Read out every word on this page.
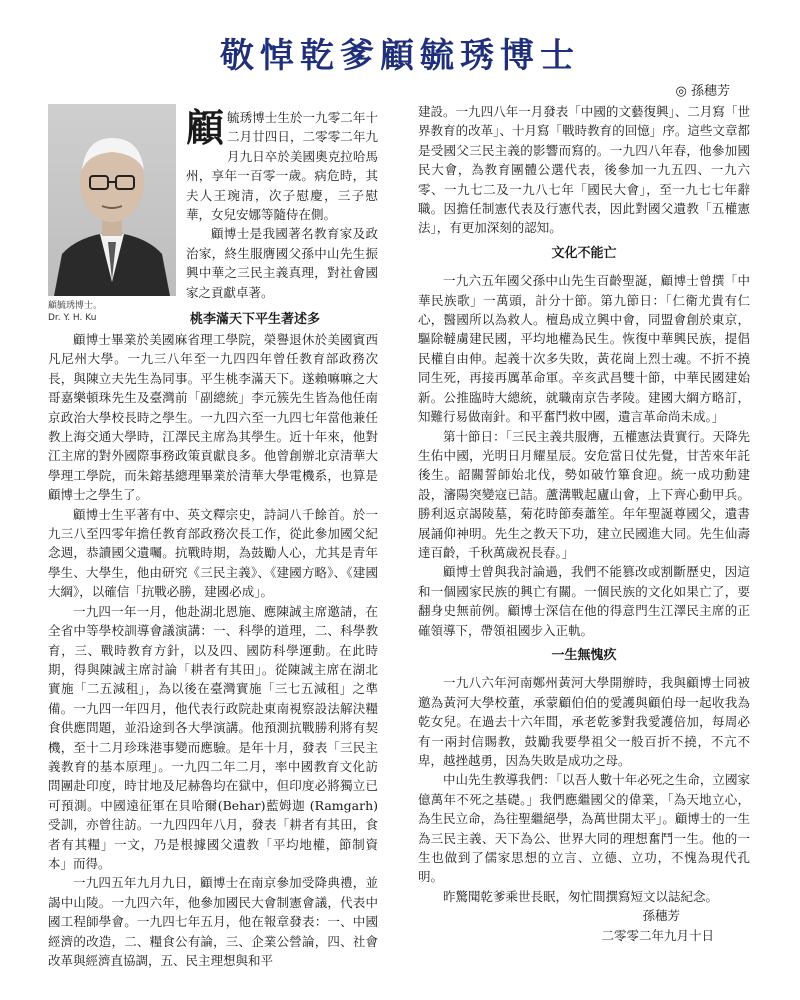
敬悼乾爹顧毓琇博士
◎ 孫穗芳
顧毓琇博士。
Dr. Y. H. Ku
顧 毓琇博士生於一九零二年十二月廿四日，二零零二年九月九日卒於美國奧克拉哈馬州，享年一百零一歲。病危時，其夫人王琬清，次子慰慶，三子慰華，女兒安娜等隨侍在側。

顧博士是我國著名教育家及政治家，終生服膺國父孫中山先生振興中華之三民主義真理，對社會國家之貢獻卓著。

桃李滿天下平生著述多

顧博士畢業於美國麻省理工學院，榮譽退休於美國賓西凡尼州大學。一九三八年至一九四四年曾任教育部政務次長，與陳立夫先生為同事。平生桃李滿天下。遂賴嘛嘛之大哥嘉樂頓珠先生及臺灣前「副總統」李元簇先生皆為他任南京政治大學校長時之學生。一九四六至一九四七年當他兼任教上海交通大學時，江澤民主席為其學生。近十年來，他對江主席的對外國際事務政策貢獻良多。他曾創辦北京清華大學理工學院，而朱鎔基總理畢業於清華大學電機系，也算是顧博士之學生了。

顧博士生平著有中、英文釋宗史，詩詞八千餘首。於一九三八至四零年擔任教育部政務次長工作，從此參加國父紀念週，恭讀國父遺囑。抗戰時期，為鼓勵人心，尤其是青年學生、大學生，他由研究《三民主義》、《建國方略》、《建國大綱》，以確信「抗戰必勝，建國必成」。

一九四一年一月，他赴湖北恩施、應陳誠主席邀請，在全省中等學校訓導會議演講：一、科學的道理，二、科學教育，三、戰時教育方針，以及四、國防科學運動。在此時期，得與陳誠主席討論「耕者有其田」。從陳誠主席在湖北實施「二五減租」，為以後在臺灣實施「三七五減租」之準備。一九四一年四月，他代表行政院赴東南視察設法解決糧食供應問題，並沿途到各大學演講。他預測抗戰勝利將有契機，至十二月珍珠港事變而應驗。是年十月，發表「三民主義教育的基本原理」。一九四二年二月，率中國教育文化訪問團赴印度，時甘地及尼赫魯均在獄中，但印度必將獨立已可預測。中國遠征軍在貝哈爾(Behar)藍姆迦 (Ramgarh) 受訓，亦曾往訪。一九四四年八月，發表「耕者有其田，食者有其糧」一文，乃是根據國父遺教「平均地權，節制資本」而得。

一九四五年九月九日，顧博士在南京參加受降典禮，並謁中山陵。一九四六年，他參加國民大會制憲會議，代表中國工程師學會。一九四七年五月，他在報章發表：一、中國經濟的改造，二、糧食公有論，三、企業公營論，四、社會改革與經濟直協調，五、民主理想與和平

建設。一九四八年一月發表「中國的文藝復興」、二月寫「世界教育的改革」、十月寫「戰時教育的回憶」序。這些文章都是受國父三民主義的影響而寫的。一九四八年春，他參加國民大會，為教育團體公選代表，後參加一九五四、一九六零、一九七二及一九八七年「國民大會」，至一九七七年辭職。因擔任制憲代表及行憲代表，因此對國父遺教「五權憲法」，有更加深刻的認知。

文化不能亡

一九六五年國父孫中山先生百齡聖誕，顧博士曾撰「中華民族歌」一萬頭，計分十節。第九節日：「仁衛尤貴有仁心，醫國所以為救人。檀島成立興中會，同盟會創於東京，驅除韃虜建民國，平均地權為民生。恢復中華興民族，提倡民權自由伸。起義十次多失敗，黃花崗上烈士魂。不折不撓同生死，再接再厲革命軍。辛亥武昌雙十節，中華民國建始新。公推臨時大總統，就職南京告孝陵。建國大綱方略訂，知難行易做南針。和平奮鬥救中國，遺言革命尚未成。」

第十節日：「三民主義共服膺，五權憲法貴實行。天降先生佑中國，光明日月耀星辰。安危當日仗先覺，甘苦來年託後生。韶關誓師始北伐，勢如破竹篳食迎。統一成功勳建設，瀋陽突變寇已詰。蘆溝戰起廬山會，上下齊心動甲兵。勝利返京謁陵墓，菊花時節奏蕭笙。年年聖誕尊國父，遺書展誦仰神明。先生之教天下功，建立民國進大同。先生仙壽達百齡，千秋萬歲祝長春。」

顧博士曾與我討論過，我們不能篡改或割斷歷史，因這和一個國家民族的興亡有關。一個民族的文化如果亡了，要翻身史無前例。顧博士深信在他的得意門生江澤民主席的正確領導下，帶領祖國步入正軌。

一生無愧疚

一九八六年河南鄭州黃河大學開辦時，我與顧博士同被邀為黃河大學校董，承蒙顧伯伯的愛護與顧伯母一起收我為乾女兒。在過去十六年間，承老乾爹對我愛護倍加，每周必有一兩封信賜教，鼓勵我要學祖父一般百折不撓，不亢不卑，越挫越勇，因為失敗是成功之母。

中山先生教導我們：「以吾人數十年必死之生命，立國家億萬年不死之基礎。」我們應繼國父的偉業，「為天地立心，為生民立命，為往聖繼絕學，為萬世開太平」。顧博士的一生為三民主義、天下為公、世界大同的理想奮鬥一生。他的一生也做到了儒家思想的立言、立德、立功，不愧為現代孔明。

昨驚聞乾爹乘世長眠，匆忙間撰寫短文以誌紀念。

孫穗芳
二零零二年九月十日
